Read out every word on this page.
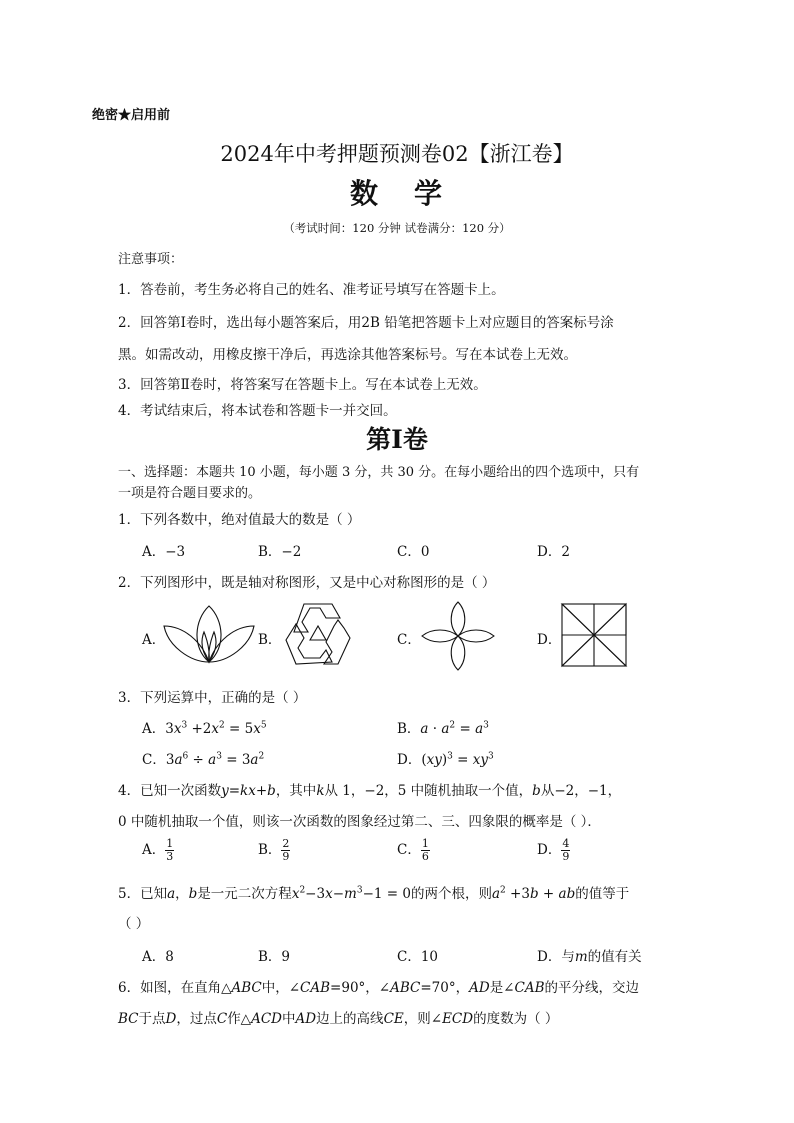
绝密★启用前
2024年中考押题预测卷02【浙江卷】
数 学
（考试时间：120 分钟 试卷满分：120 分）
注意事项：
1．答卷前，考生务必将自己的姓名、准考证号填写在答题卡上。
2．回答第Ⅰ卷时，选出每小题答案后，用2B 铅笔把答题卡上对应题目的答案标号涂
黑。如需改动，用橡皮擦干净后，再选涂其他答案标号。写在本试卷上无效。
3．回答第Ⅱ卷时，将答案写在答题卡上。写在本试卷上无效。
4．考试结束后，将本试卷和答题卡一并交回。
第Ⅰ卷
一、选择题：本题共 10 小题，每小题 3 分，共 30 分。在每小题给出的四个选项中，只有
一项是符合题目要求的。
1．下列各数中，绝对值最大的数是（ ）
A．−3	B．−2	C．0	D．2
2．下列图形中，既是轴对称图形，又是中心对称图形的是（ ）
A．	B．	C．	D．
3．下列运算中，正确的是（ ）
A．$3x^3 +2x^2 = 5x^5$	B．$a \cdot a^2 = a^3$
C．$3a^6 \div a^3 = 3a^2$	D．$(xy)^3 = xy^3$
4．已知一次函数y=kx+b，其中k从 1，−2，5 中随机抽取一个值，b从−2，−1，
0 中随机抽取一个值，则该一次函数的图象经过第二、三、四象限的概率是（ ）．
A． $\frac{1}{3}$	B． $\frac{2}{9}$	C． $\frac{1}{6}$	D． $\frac{4}{9}$
5．已知a，b是一元二次方程$x^2-3x-m^3-1 = 0$的两个根，则$a^2 +3b$ + ab的值等于
（ ）
A．8	B．9	C．10	D．与m的值有关
6．如图，在直角△ABC中，∠CAB=90°，∠ABC=70°，AD是∠CAB的平分线，交边
BC于点D，过点C作△ACD中AD边上的高线CE，则∠ECD的度数为（ ）
